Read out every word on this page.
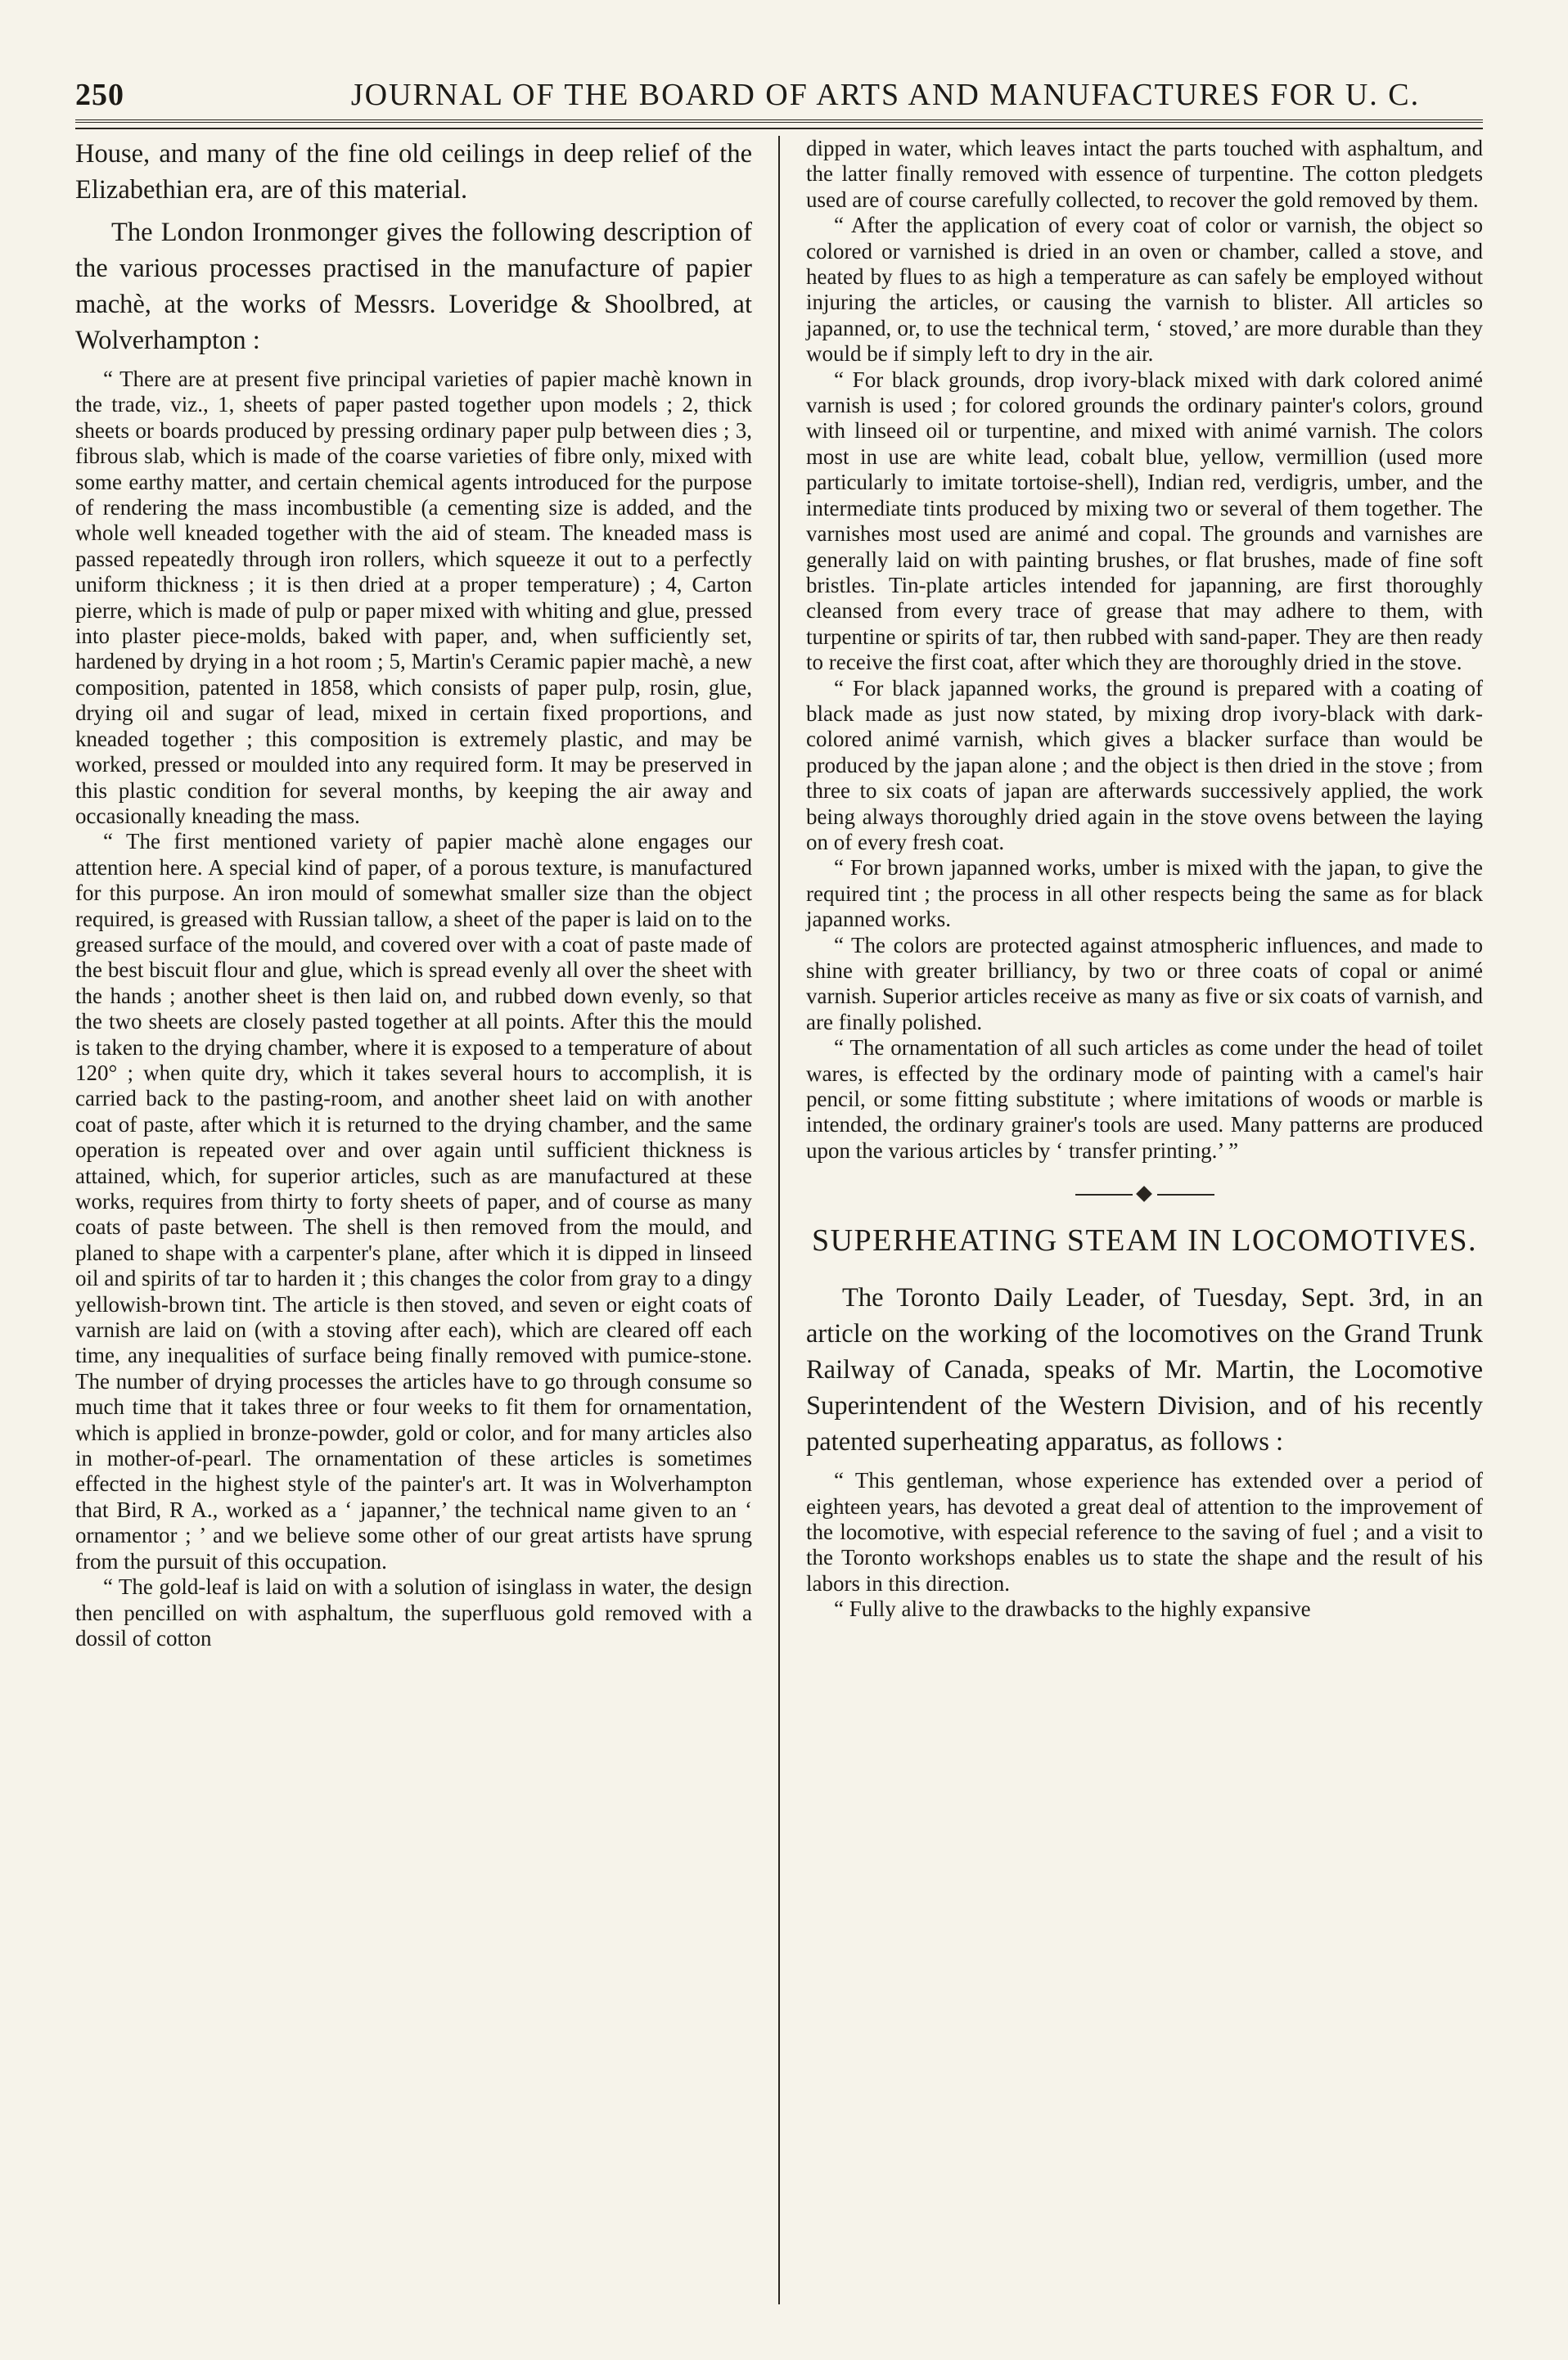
250	JOURNAL OF THE BOARD OF ARTS AND MANUFACTURES FOR U. C.

House, and many of the fine old ceilings in deep relief of the Elizabethian era, are of this material.

The London Ironmonger gives the following description of the various processes practised in the manufacture of papier machè, at the works of Messrs. Loveridge & Shoolbred, at Wolverhampton :

“ There are at present five principal varieties of papier machè known in the trade, viz., 1, sheets of paper pasted together upon models ; 2, thick sheets or boards produced by pressing ordinary paper pulp between dies ; 3, fibrous slab, which is made of the coarse varieties of fibre only, mixed with some earthy matter, and certain chemical agents introduced for the purpose of rendering the mass incombustible (a cementing size is added, and the whole well kneaded together with the aid of steam. The kneaded mass is passed repeatedly through iron rollers, which squeeze it out to a perfectly uniform thickness ; it is then dried at a proper temperature) ; 4, Carton pierre, which is made of pulp or paper mixed with whiting and glue, pressed into plaster piece-molds, baked with paper, and, when sufficiently set, hardened by drying in a hot room ; 5, Martin's Ceramic papier machè, a new composition, patented in 1858, which consists of paper pulp, rosin, glue, drying oil and sugar of lead, mixed in certain fixed proportions, and kneaded together ; this composition is extremely plastic, and may be worked, pressed or moulded into any required form. It may be preserved in this plastic condition for several months, by keeping the air away and occasionally kneading the mass.

“ The first mentioned variety of papier machè alone engages our attention here. A special kind of paper, of a porous texture, is manufactured for this purpose. An iron mould of somewhat smaller size than the object required, is greased with Russian tallow, a sheet of the paper is laid on to the greased surface of the mould, and covered over with a coat of paste made of the best biscuit flour and glue, which is spread evenly all over the sheet with the hands ; another sheet is then laid on, and rubbed down evenly, so that the two sheets are closely pasted together at all points. After this the mould is taken to the drying chamber, where it is exposed to a temperature of about 120° ; when quite dry, which it takes several hours to accomplish, it is carried back to the pasting-room, and another sheet laid on with another coat of paste, after which it is returned to the drying chamber, and the same operation is repeated over and over again until sufficient thickness is attained, which, for superior articles, such as are manufactured at these works, requires from thirty to forty sheets of paper, and of course as many coats of paste between. The shell is then removed from the mould, and planed to shape with a carpenter's plane, after which it is dipped in linseed oil and spirits of tar to harden it ; this changes the color from gray to a dingy yellowish-brown tint. The article is then stoved, and seven or eight coats of varnish are laid on (with a stoving after each), which are cleared off each time, any inequalities of surface being finally removed with pumice-stone. The number of drying processes the articles have to go through consume so much time that it takes three or four weeks to fit them for ornamentation, which is applied in bronze-powder, gold or color, and for many articles also in mother-of-pearl. The ornamentation of these articles is sometimes effected in the highest style of the painter's art. It was in Wolverhampton that Bird, R A., worked as a ‘ japanner,’ the technical name given to an ‘ ornamentor ; ’ and we believe some other of our great artists have sprung from the pursuit of this occupation.

“ The gold-leaf is laid on with a solution of isinglass in water, the design then pencilled on with asphaltum, the superfluous gold removed with a dossil of cotton

dipped in water, which leaves intact the parts touched with asphaltum, and the latter finally removed with essence of turpentine. The cotton pledgets used are of course carefully collected, to recover the gold removed by them.

“ After the application of every coat of color or varnish, the object so colored or varnished is dried in an oven or chamber, called a stove, and heated by flues to as high a temperature as can safely be employed without injuring the articles, or causing the varnish to blister. All articles so japanned, or, to use the technical term, ‘ stoved,’ are more durable than they would be if simply left to dry in the air.

“ For black grounds, drop ivory-black mixed with dark colored animé varnish is used ; for colored grounds the ordinary painter's colors, ground with linseed oil or turpentine, and mixed with animé varnish. The colors most in use are white lead, cobalt blue, yellow, vermillion (used more particularly to imitate tortoise-shell), Indian red, verdigris, umber, and the intermediate tints produced by mixing two or several of them together. The varnishes most used are animé and copal. The grounds and varnishes are generally laid on with painting brushes, or flat brushes, made of fine soft bristles. Tin-plate articles intended for japanning, are first thoroughly cleansed from every trace of grease that may adhere to them, with turpentine or spirits of tar, then rubbed with sand-paper. They are then ready to receive the first coat, after which they are thoroughly dried in the stove.

“ For black japanned works, the ground is prepared with a coating of black made as just now stated, by mixing drop ivory-black with dark-colored animé varnish, which gives a blacker surface than would be produced by the japan alone ; and the object is then dried in the stove ; from three to six coats of japan are afterwards successively applied, the work being always thoroughly dried again in the stove ovens between the laying on of every fresh coat.

“ For brown japanned works, umber is mixed with the japan, to give the required tint ; the process in all other respects being the same as for black japanned works.

“ The colors are protected against atmospheric influences, and made to shine with greater brilliancy, by two or three coats of copal or animé varnish. Superior articles receive as many as five or six coats of varnish, and are finally polished.

“ The ornamentation of all such articles as come under the head of toilet wares, is effected by the ordinary mode of painting with a camel's hair pencil, or some fitting substitute ; where imitations of woods or marble is intended, the ordinary grainer's tools are used. Many patterns are produced upon the various articles by ‘ transfer printing.’ ”

SUPERHEATING STEAM IN LOCOMOTIVES.

The Toronto Daily Leader, of Tuesday, Sept. 3rd, in an article on the working of the locomotives on the Grand Trunk Railway of Canada, speaks of Mr. Martin, the Locomotive Superintendent of the Western Division, and of his recently patented superheating apparatus, as follows :

“ This gentleman, whose experience has extended over a period of eighteen years, has devoted a great deal of attention to the improvement of the locomotive, with especial reference to the saving of fuel ; and a visit to the Toronto workshops enables us to state the shape and the result of his labors in this direction.

“ Fully alive to the drawbacks to the highly expansive
